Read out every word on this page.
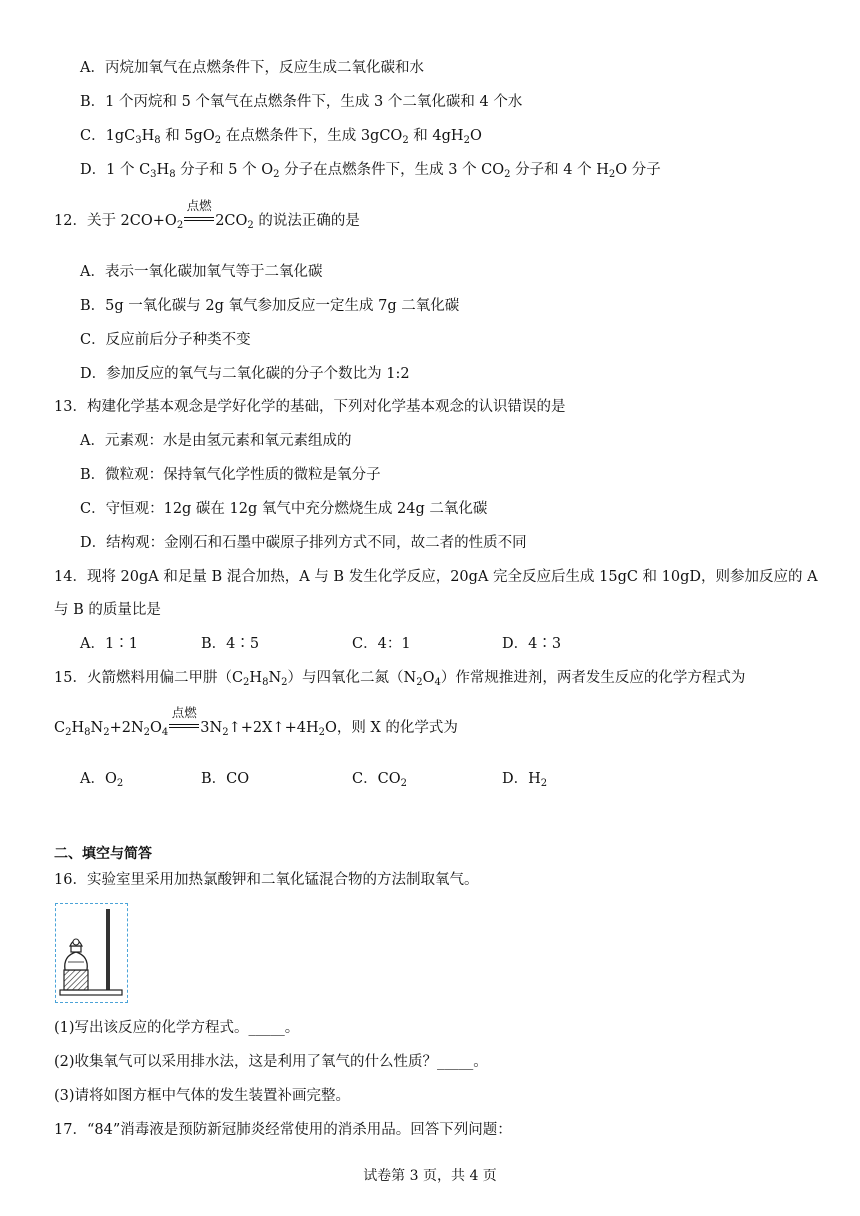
A．丙烷加氧气在点燃条件下，反应生成二氧化碳和水
B．1 个丙烷和 5 个氧气在点燃条件下，生成 3 个二氧化碳和 4 个水
C．$1gC_3H_8$ 和 $5gO_2$ 在点燃条件下，生成 3gCO$_2$ 和 $4gH_2O$
D．1 个 $C_3H_8$ 分子和 5 个 $O_2$ 分子在点燃条件下，生成 3 个 $CO_2$ 分子和 4 个 $H_2O$ 分子
12．关于 $2CO+O_2$
点燃
$2CO_2$ 的说法正确的是
A．表示一氧化碳加氧气等于二氧化碳
B．5g 一氧化碳与 2g 氧气参加反应一定生成 7g 二氧化碳
C．反应前后分子种类不变
D．参加反应的氧气与二氧化碳的分子个数比为 1:2
13．构建化学基本观念是学好化学的基础，下列对化学基本观念的认识错误的是
A．元素观：水是由氢元素和氧元素组成的
B．微粒观：保持氧气化学性质的微粒是氧分子
C．守恒观：12g 碳在 12g 氧气中充分燃烧生成 24g 二氧化碳
D．结构观：金刚石和石墨中碳原子排列方式不同，故二者的性质不同
14．现将 20gA 和足量 B 混合加热，A 与 B 发生化学反应，20gA 完全反应后生成 15gC 和 10gD，则参加反应的 A
与 B 的质量比是
A．1∶1	B．4∶5	C．4：1	D．4∶3
15．火箭燃料用偏二甲肼$(C_2H_8N_2)$与四氧化二氮$(N_2O_4)$作常规推进剂，两者发生反应的化学方程式为
$C_2H_8N_2+2N_2O_4$
点燃
$3N_2↑+2X↑+4H_2O$，则 X 的化学式为
A．$O_2$	B．CO	C．$CO_2$	D．$H_2$
二、填空与简答
16．实验室里采用加热氯酸钾和二氧化锰混合物的方法制取氧气。
(1)写出该反应的化学方程式。_____。
(2)收集氧气可以采用排水法，这是利用了氧气的什么性质？_____。
(3)请将如图方框中气体的发生装置补画完整。
17．“84”消毒液是预防新冠肺炎经常使用的消杀用品。回答下列问题：
试卷第 3 页，共 4 页
